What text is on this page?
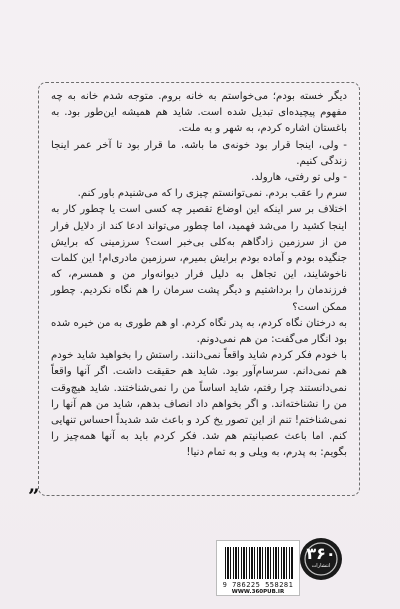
دیگر خسته بودم؛ می‌خواستم به خانه بروم. متوجه شدم خانه به چه مفهوم پیچیده‌ای تبدیل شده است. شاید هم همیشه این‌طور بود. به باغستان اشاره کردم، به شهر و به ملت.

- ولی، اینجا قرار بود خونه‌ی ما باشه. ما قرار بود تا آخر عمر اینجا زندگی کنیم.

- ولی تو رفتی، هارولد.

سرم را عقب بردم. نمی‌توانستم چیزی را که می‌شنیدم باور کنم.

اختلاف بر سر اینکه این اوضاع تقصیر چه کسی است یا چطور کار به اینجا کشید را می‌شد فهمید، اما چطور می‌تواند ادعا کند از دلایل فرار من از سرزمین زادگاهم به‌کلی بی‌خبر است؟ سرزمینی که برایش جنگیده بودم و آماده بودم برایش بمیرم، سرزمین مادری‌ام! این کلمات ناخوشایند، این تجاهل به دلیل فرار دیوانه‌وار من و همسرم، که فرزندمان را برداشتیم و دیگر پشت سرمان را هم نگاه نکردیم. چطور ممکن است؟

به درختان نگاه کردم، به پدر نگاه کردم. او هم طوری به من خیره شده بود انگار می‌گفت: من هم نمی‌دونم.

با خودم فکر کردم شاید واقعاً نمی‌دانند. راستش را بخواهید شاید خودم هم نمی‌دانم. سرسام‌آور بود. شاید هم حقیقت داشت. اگر آنها واقعاً نمی‌دانستند چرا رفتم، شاید اساساً من را نمی‌شناختند. شاید هیچ‌وقت من را نشناخته‌اند. و اگر بخواهم داد انصاف بدهم، شاید من هم آنها را نمی‌شناختم! تنم از این تصور یخ کرد و باعث شد شدیداً احساس تنهایی کنم. اما باعث عصبانیتم هم شد. فکر کردم باید به آنها همه‌چیز را بگویم: به پدرم، به ویلی و به تمام دنیا!

”
9 786225 558281
WWW.360PUB.IR
۳۶۰
انتشارات
